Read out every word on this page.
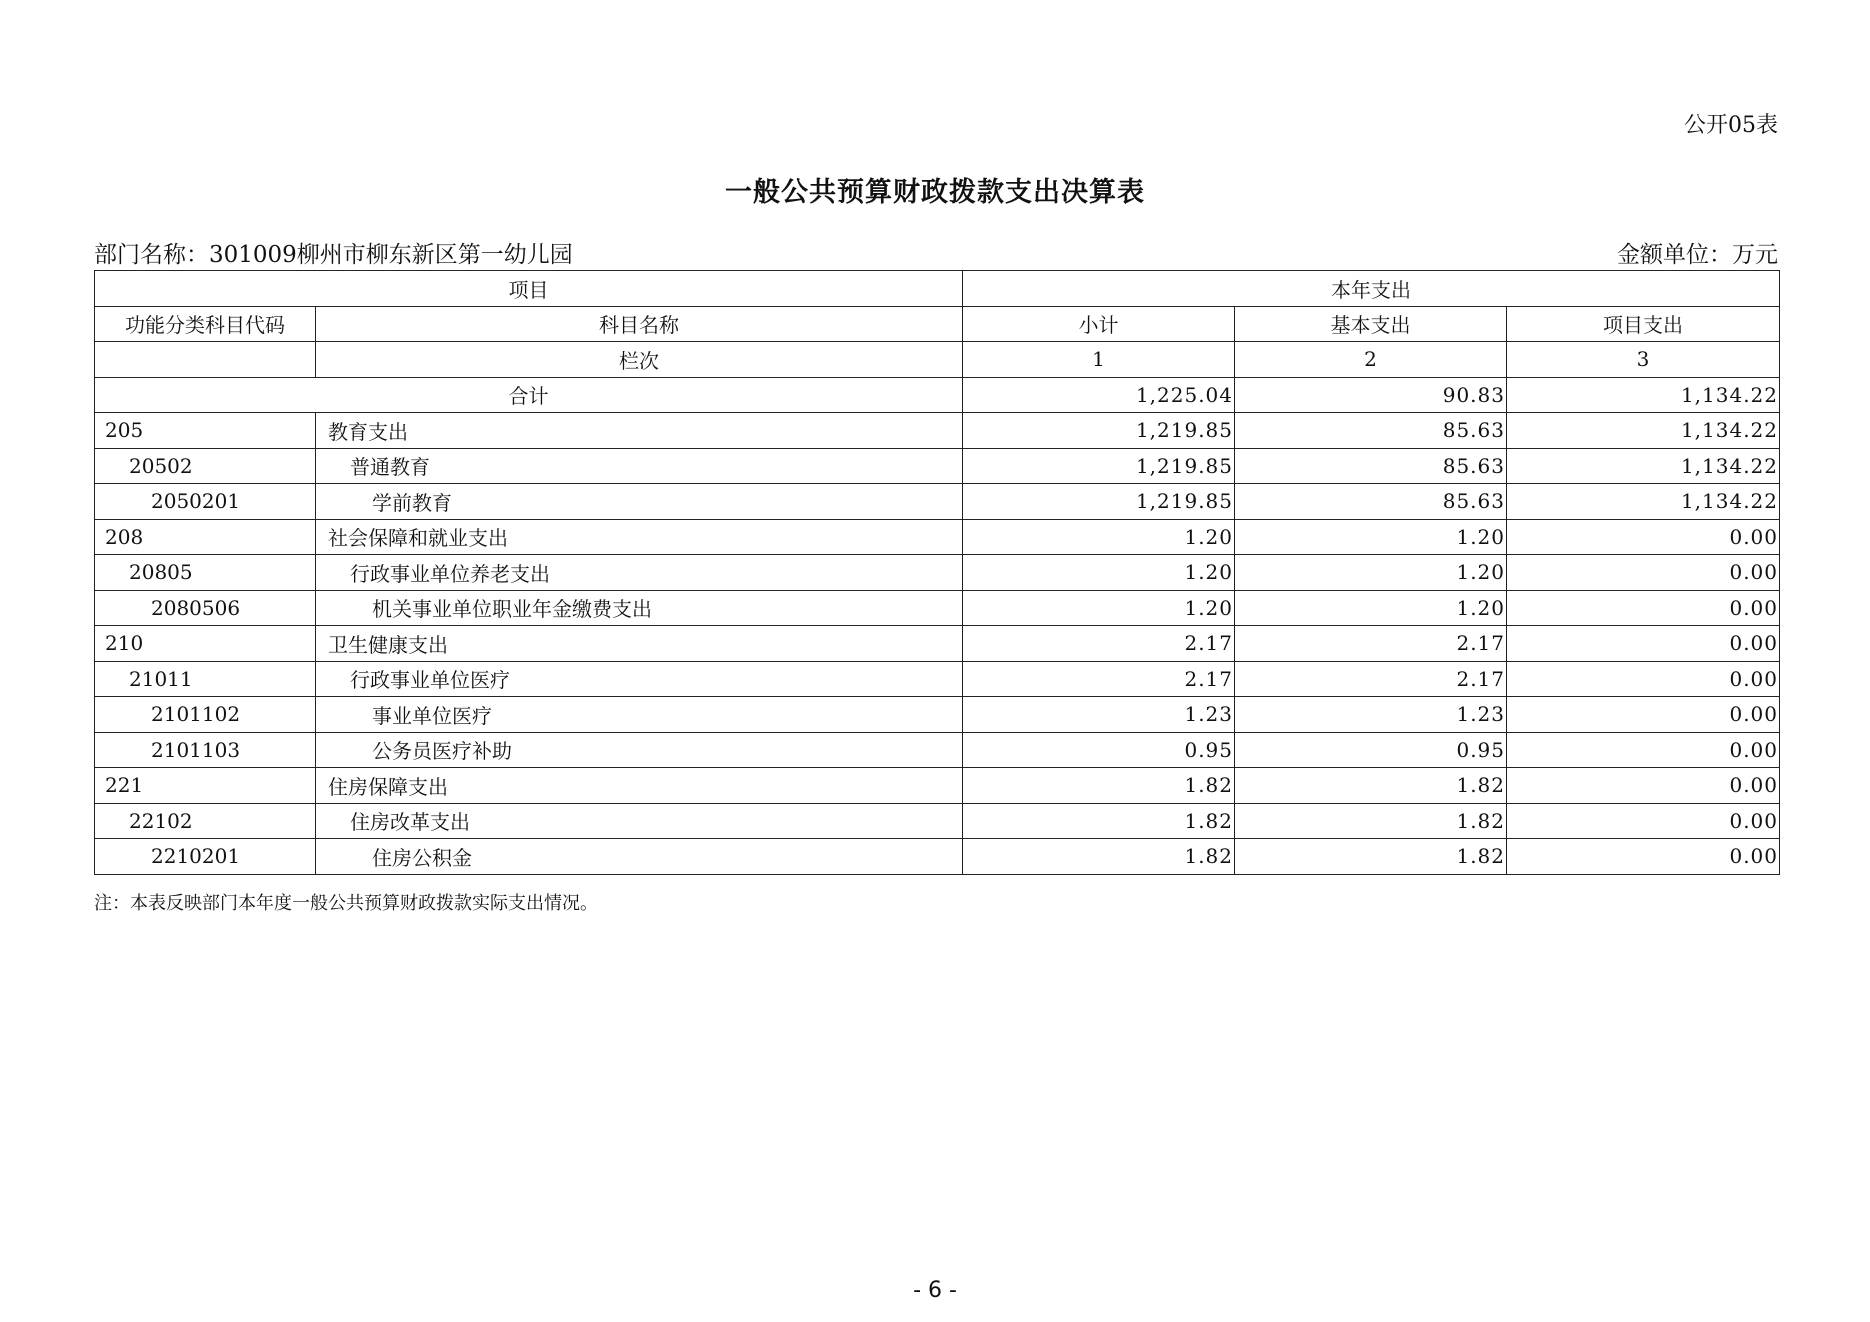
公开05表
一般公共预算财政拨款支出决算表
部门名称：301009柳州市柳东新区第一幼儿园	金额单位：万元
项目		本年支出		
功能分类科目代码	科目名称	小计	基本支出	项目支出
	栏次	1	2	3
合计		1,225.04	90.83	1,134.22
205	教育支出	1,219.85	85.63	1,134.22
20502	普通教育	1,219.85	85.63	1,134.22
2050201	学前教育	1,219.85	85.63	1,134.22
208	社会保障和就业支出	1.20	1.20	0.00
20805	行政事业单位养老支出	1.20	1.20	0.00
2080506	机关事业单位职业年金缴费支出	1.20	1.20	0.00
210	卫生健康支出	2.17	2.17	0.00
21011	行政事业单位医疗	2.17	2.17	0.00
2101102	事业单位医疗	1.23	1.23	0.00
2101103	公务员医疗补助	0.95	0.95	0.00
221	住房保障支出	1.82	1.82	0.00
22102	住房改革支出	1.82	1.82	0.00
2210201	住房公积金	1.82	1.82	0.00
注：本表反映部门本年度一般公共预算财政拨款实际支出情况。
- 6 -
